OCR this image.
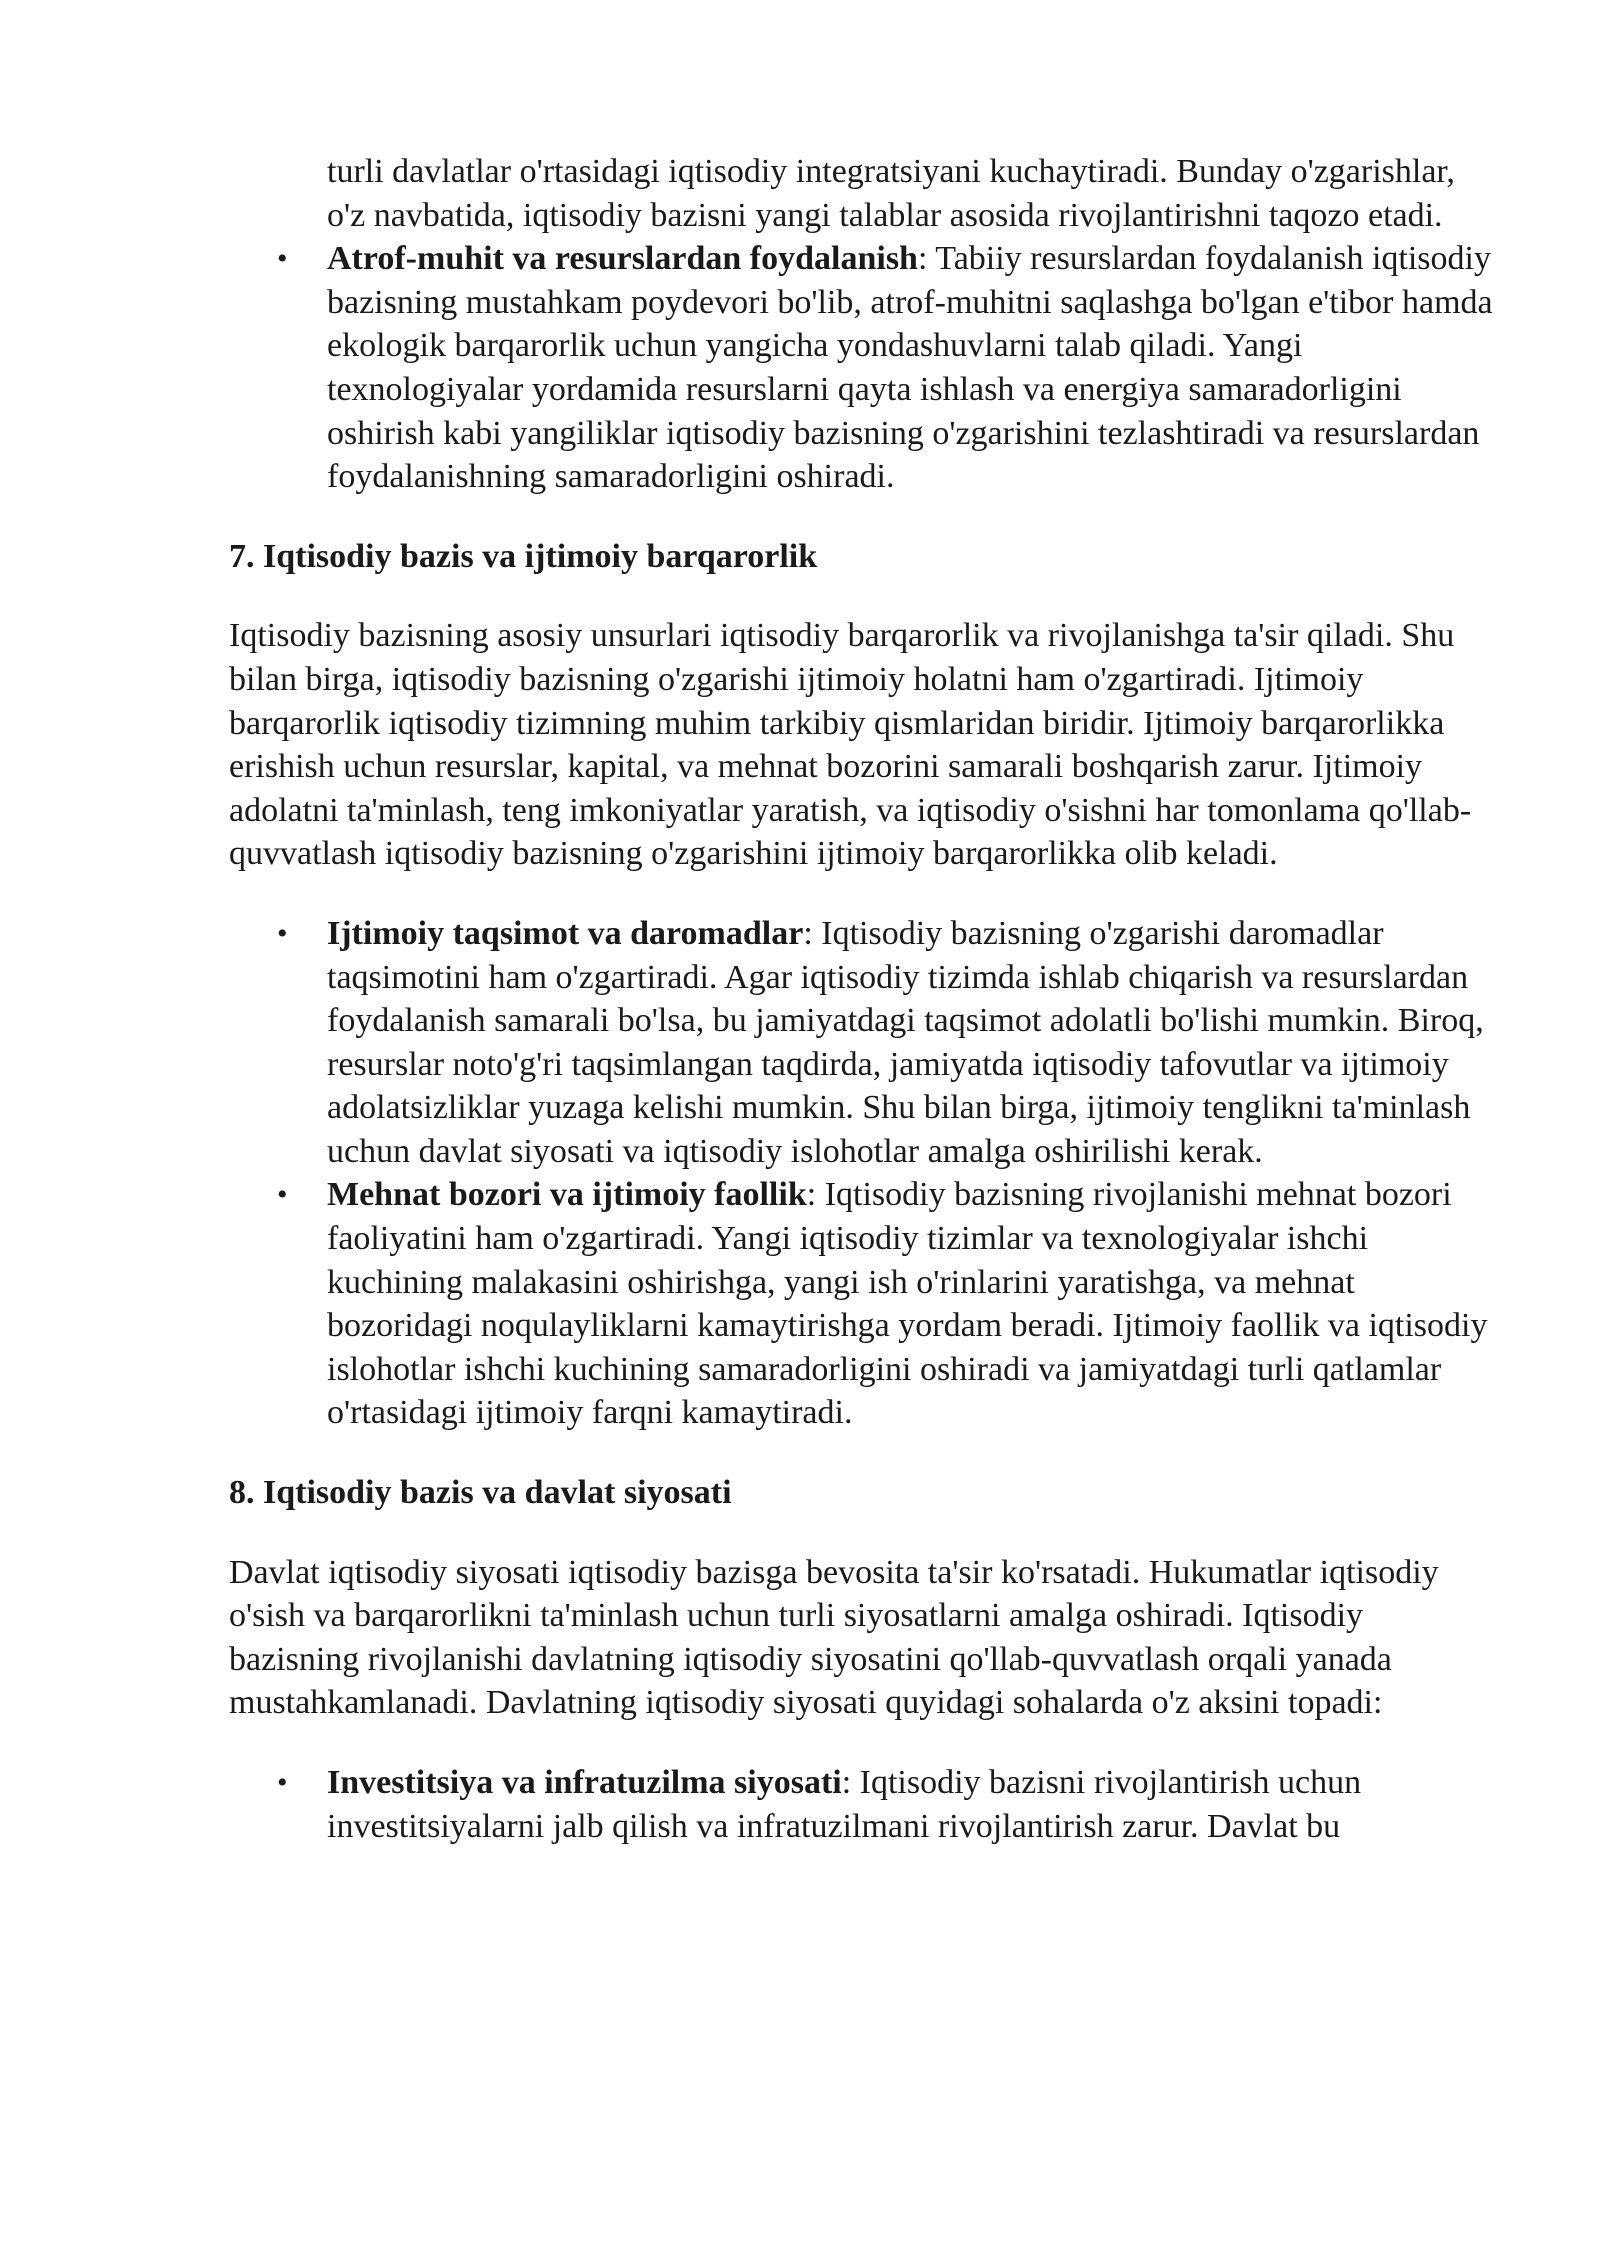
turli davlatlar o'rtasidagi iqtisodiy integratsiyani kuchaytiradi. Bunday o'zgarishlar, o'z navbatida, iqtisodiy bazisni yangi talablar asosida rivojlantirishni taqozo etadi.
• Atrof-muhit va resurslardan foydalanish: Tabiiy resurslardan foydalanish iqtisodiy bazisning mustahkam poydevori bo'lib, atrof-muhitni saqlashga bo'lgan e'tibor hamda ekologik barqarorlik uchun yangicha yondashuvlarni talab qiladi. Yangi texnologiyalar yordamida resurslarni qayta ishlash va energiya samaradorligini oshirish kabi yangiliklar iqtisodiy bazisning o'zgarishini tezlashtiradi va resurslardan foydalanishning samaradorligini oshiradi.
7. Iqtisodiy bazis va ijtimoiy barqarorlik

Iqtisodiy bazisning asosiy unsurlari iqtisodiy barqarorlik va rivojlanishga ta'sir qiladi. Shu bilan birga, iqtisodiy bazisning o'zgarishi ijtimoiy holatni ham o'zgartiradi. Ijtimoiy barqarorlik iqtisodiy tizimning muhim tarkibiy qismlaridan biridir. Ijtimoiy barqarorlikka erishish uchun resurslar, kapital, va mehnat bozorini samarali boshqarish zarur. Ijtimoiy adolatni ta'minlash, teng imkoniyatlar yaratish, va iqtisodiy o'sishni har tomonlama qo'llab-quvvatlash iqtisodiy bazisning o'zgarishini ijtimoiy barqarorlikka olib keladi.

• Ijtimoiy taqsimot va daromadlar: Iqtisodiy bazisning o'zgarishi daromadlar taqsimotini ham o'zgartiradi. Agar iqtisodiy tizimda ishlab chiqarish va resurslardan foydalanish samarali bo'lsa, bu jamiyatdagi taqsimot adolatli bo'lishi mumkin. Biroq, resurslar noto'g'ri taqsimlangan taqdirda, jamiyatda iqtisodiy tafovutlar va ijtimoiy adolatsizliklar yuzaga kelishi mumkin. Shu bilan birga, ijtimoiy tenglikni ta'minlash uchun davlat siyosati va iqtisodiy islohotlar amalga oshirilishi kerak.
• Mehnat bozori va ijtimoiy faollik: Iqtisodiy bazisning rivojlanishi mehnat bozori faoliyatini ham o'zgartiradi. Yangi iqtisodiy tizimlar va texnologiyalar ishchi kuchining malakasini oshirishga, yangi ish o'rinlarini yaratishga, va mehnat bozoridagi noqulayliklarni kamaytirishga yordam beradi. Ijtimoiy faollik va iqtisodiy islohotlar ishchi kuchining samaradorligini oshiradi va jamiyatdagi turli qatlamlar o'rtasidagi ijtimoiy farqni kamaytiradi.
8. Iqtisodiy bazis va davlat siyosati

Davlat iqtisodiy siyosati iqtisodiy bazisga bevosita ta'sir ko'rsatadi. Hukumatlar iqtisodiy o'sish va barqarorlikni ta'minlash uchun turli siyosatlarni amalga oshiradi. Iqtisodiy bazisning rivojlanishi davlatning iqtisodiy siyosatini qo'llab-quvvatlash orqali yanada mustahkamlanadi. Davlatning iqtisodiy siyosati quyidagi sohalarda o'z aksini topadi:

• Investitsiya va infratuzilma siyosati: Iqtisodiy bazisni rivojlantirish uchun investitsiyalarni jalb qilish va infratuzilmani rivojlantirish zarur. Davlat bu
